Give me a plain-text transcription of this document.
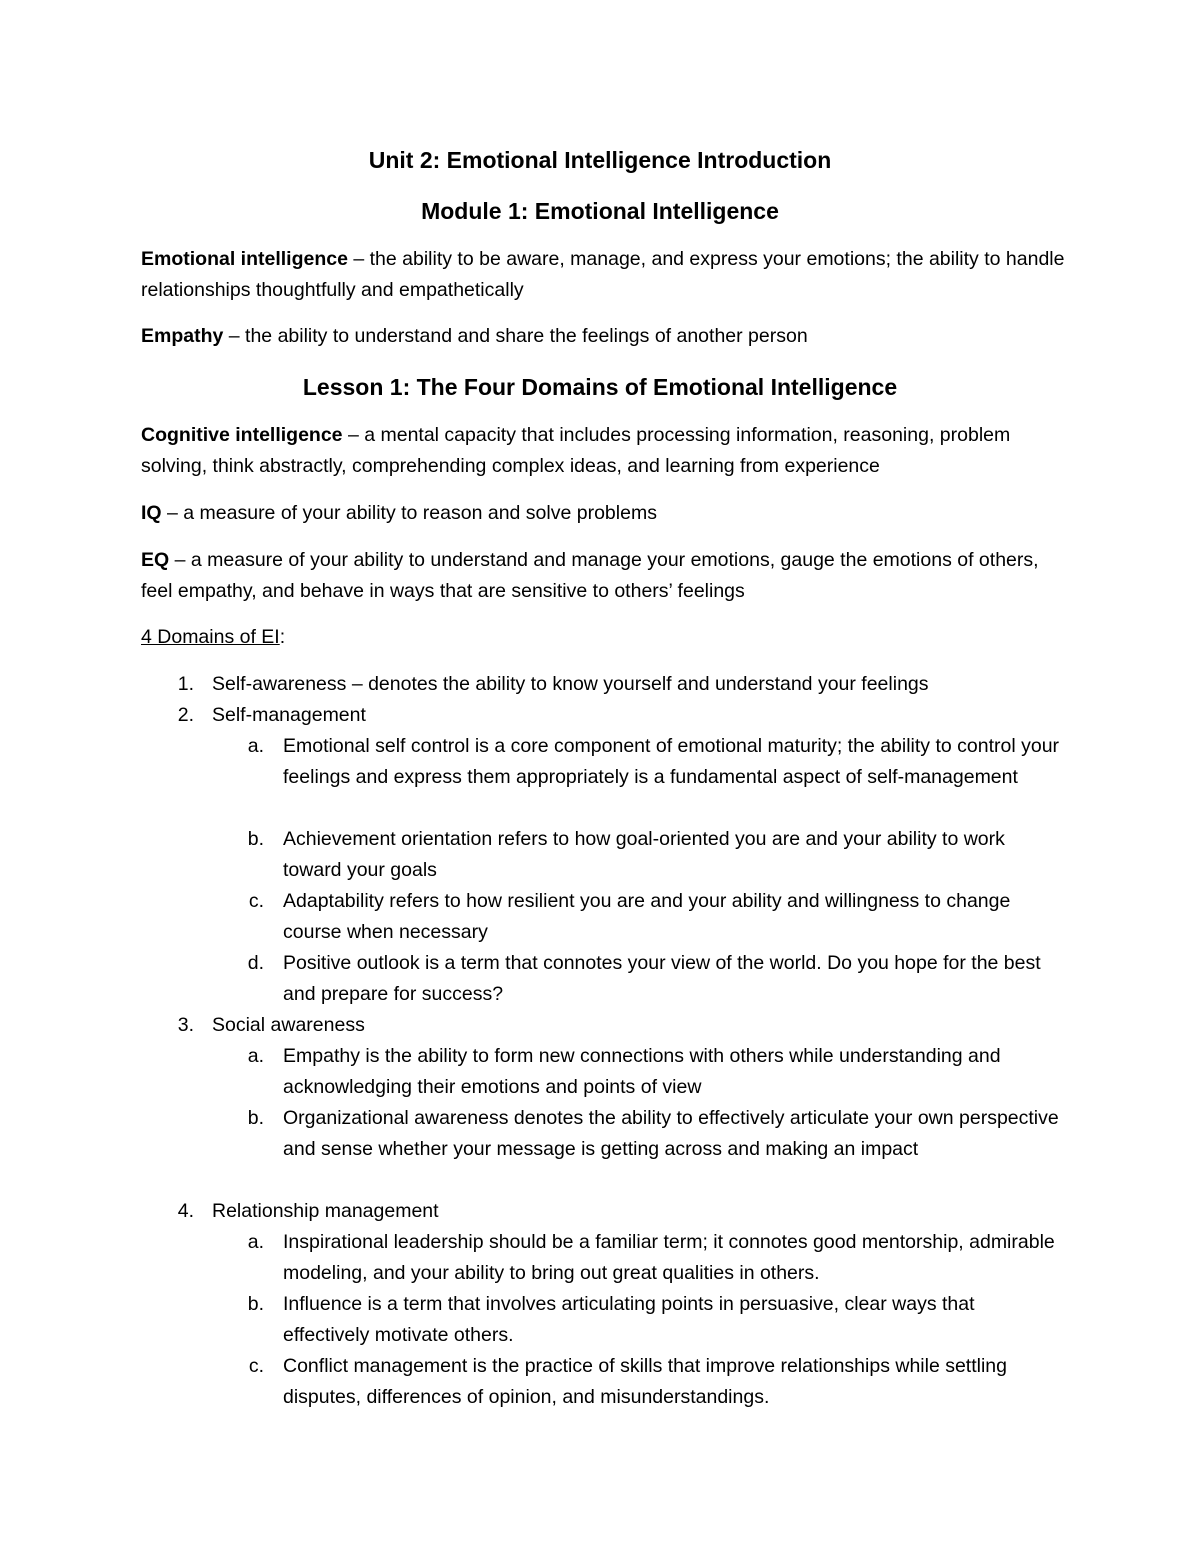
Unit 2: Emotional Intelligence Introduction
Module 1: Emotional Intelligence
Emotional intelligence – the ability to be aware, manage, and express your emotions; the ability to handle relationships thoughtfully and empathetically
Empathy – the ability to understand and share the feelings of another person
Lesson 1: The Four Domains of Emotional Intelligence
Cognitive intelligence – a mental capacity that includes processing information, reasoning, problem solving, think abstractly, comprehending complex ideas, and learning from experience
IQ – a measure of your ability to reason and solve problems
EQ – a measure of your ability to understand and manage your emotions, gauge the emotions of others, feel empathy, and behave in ways that are sensitive to others’ feelings
4 Domains of EI:
1. Self-awareness – denotes the ability to know yourself and understand your feelings
2. Self-management
a. Emotional self control is a core component of emotional maturity; the ability to control your feelings and express them appropriately is a fundamental aspect of self-management
b. Achievement orientation refers to how goal-oriented you are and your ability to work toward your goals
c. Adaptability refers to how resilient you are and your ability and willingness to change course when necessary
d. Positive outlook is a term that connotes your view of the world. Do you hope for the best and prepare for success?
3. Social awareness
a. Empathy is the ability to form new connections with others while understanding and acknowledging their emotions and points of view
b. Organizational awareness denotes the ability to effectively articulate your own perspective and sense whether your message is getting across and making an impact
4. Relationship management
a. Inspirational leadership should be a familiar term; it connotes good mentorship, admirable modeling, and your ability to bring out great qualities in others.
b. Influence is a term that involves articulating points in persuasive, clear ways that effectively motivate others.
c. Conflict management is the practice of skills that improve relationships while settling disputes, differences of opinion, and misunderstandings.
